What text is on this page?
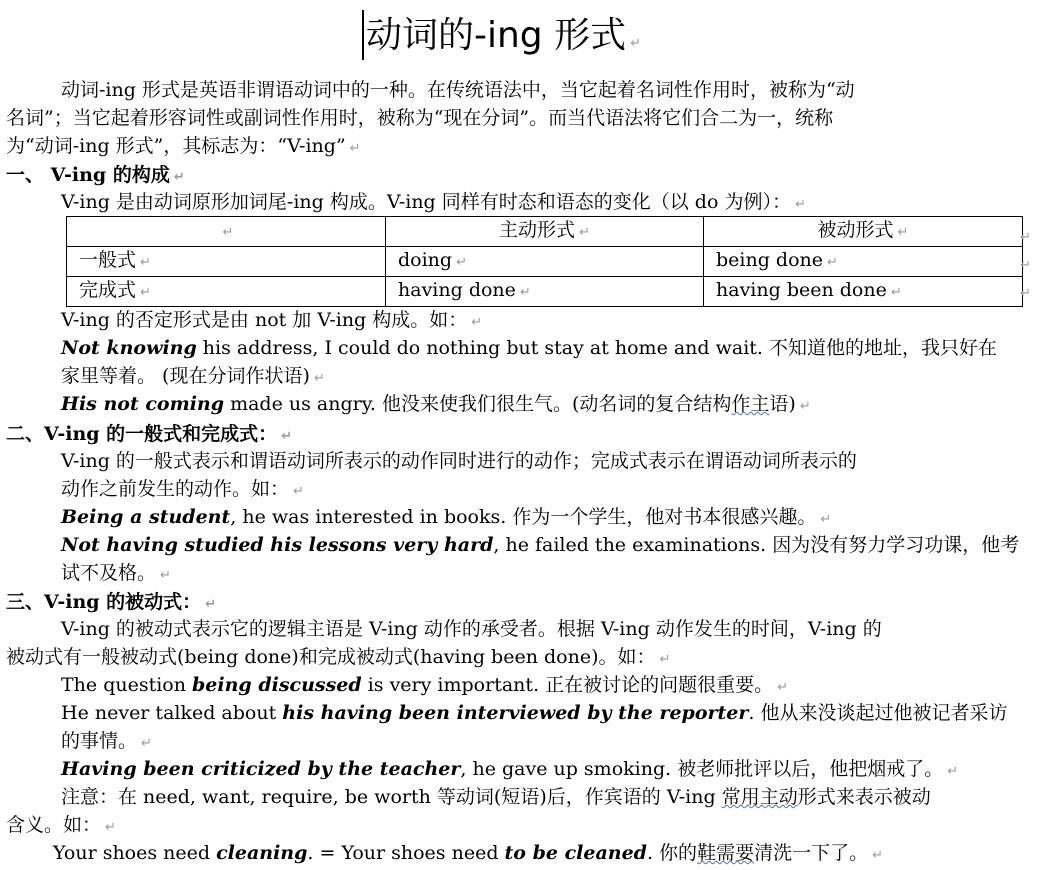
动词的-ing 形式 ↵
动词-ing 形式是英语非谓语动词中的一种。在传统语法中，当它起着名词性作用时，被称为“动
名词”；当它起着形容词性或副词性作用时，被称为“现在分词”。而当代语法将它们合二为一，统称
为“动词-ing 形式”，其标志为：“V-ing” ↵
一、 V-ing 的构成 ↵
V-ing 是由动词原形加词尾-ing 构成。V-ing 同样有时态和语态的变化（以 do 为例）： ↵
↵	主动形式 ↵	被动形式 ↵
一般式 ↵	doing ↵	being done ↵
完成式 ↵	having done ↵	having been done ↵
↵
↵
↵
V-ing 的否定形式是由 not 加 V-ing 构成。如： ↵
Not knowing his address, I could do nothing but stay at home and wait. 不知道他的地址，我只好在
家里等着。 (现在分词作状语) ↵
His not coming made us angry. 他没来使我们很生气。(动名词的复合结构作主语) ↵
二、V-ing 的一般式和完成式： ↵
V-ing 的一般式表示和谓语动词所表示的动作同时进行的动作；完成式表示在谓语动词所表示的
动作之前发生的动作。如： ↵
Being a student, he was interested in books. 作为一个学生，他对书本很感兴趣。 ↵
Not having studied his lessons very hard, he failed the examinations. 因为没有努力学习功课，他考
试不及格。 ↵
三、V-ing 的被动式： ↵
V-ing 的被动式表示它的逻辑主语是 V-ing 动作的承受者。根据 V-ing 动作发生的时间，V-ing 的
被动式有一般被动式(being done)和完成被动式(having been done)。如： ↵
The question being discussed is very important. 正在被讨论的问题很重要。 ↵
He never talked about his having been interviewed by the reporter. 他从来没谈起过他被记者采访
的事情。 ↵
Having been criticized by the teacher, he gave up smoking. 被老师批评以后，他把烟戒了。 ↵
注意：在 need, want, require, be worth 等动词(短语)后，作宾语的 V-ing 常用主动形式来表示被动
含义。如： ↵
Your shoes need cleaning. = Your shoes need to be cleaned. 你的鞋需要清洗一下了。 ↵
